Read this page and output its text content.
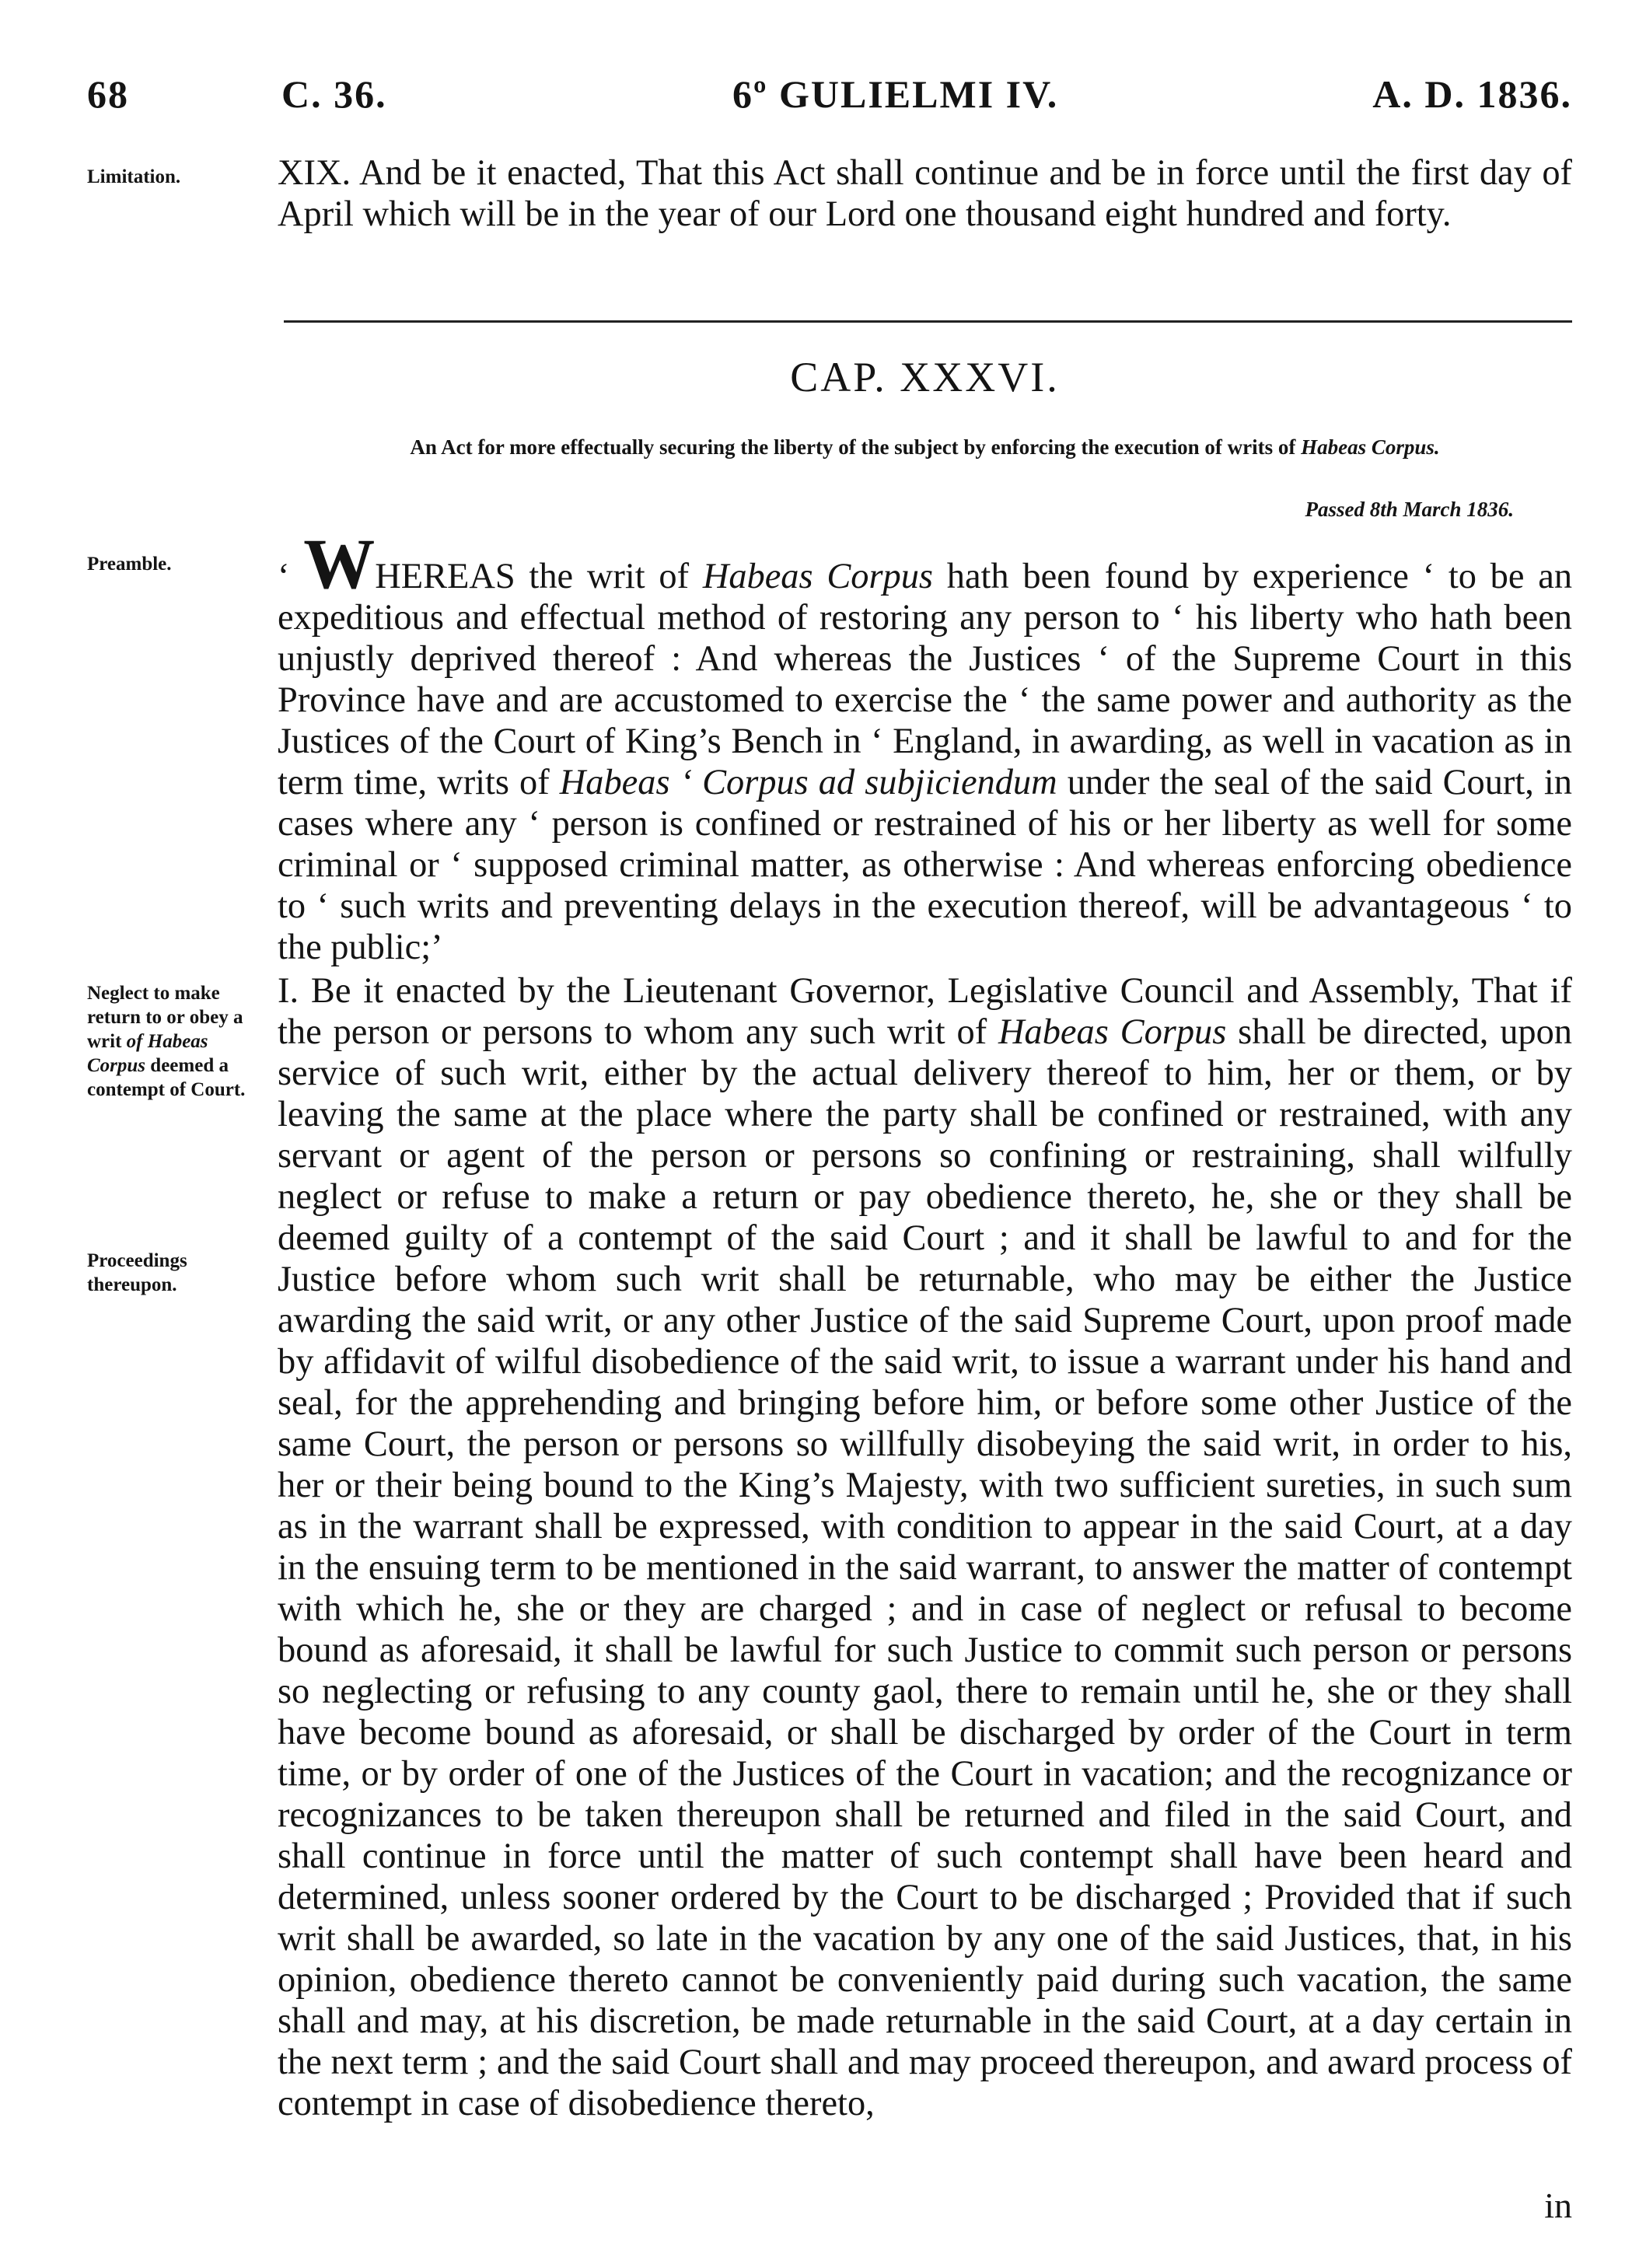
68	C. 36.	6º GULIELMI IV.	A. D. 1836.
Limitation.	XIX. And be it enacted, That this Act shall continue and be in force until the first day of April which will be in the year of our Lord one thousand eight hundred and forty.
CAP. XXXVI.
An Act for more effectually securing the liberty of the subject by enforcing the execution of writs of Habeas Corpus.
Passed 8th March 1836.
Preamble.	‘ WHEREAS the writ of Habeas Corpus hath been found by experience ‘ to be an expeditious and effectual method of restoring any person to ‘ his liberty who hath been unjustly deprived thereof : And whereas the Justices ‘ of the Supreme Court in this Province have and are accustomed to exercise the ‘ the same power and authority as the Justices of the Court of King’s Bench in ‘ England, in awarding, as well in vacation as in term time, writs of Habeas ‘ Corpus ad subjiciendum under the seal of the said Court, in cases where any ‘ person is confined or restrained of his or her liberty as well for some criminal or ‘ supposed criminal matter, as otherwise : And whereas enforcing obedience to ‘ such writs and preventing delays in the execution thereof, will be advantageous ‘ to the public;’
Neglect to make return to or obey a writ of Habeas Corpus deemed a contempt of Court.
Proceedings thereupon.
I. Be it enacted by the Lieutenant Governor, Legislative Council and Assembly, That if the person or persons to whom any such writ of Habeas Corpus shall be directed, upon service of such writ, either by the actual delivery thereof to him, her or them, or by leaving the same at the place where the party shall be confined or restrained, with any servant or agent of the person or persons so confining or restraining, shall wilfully neglect or refuse to make a return or pay obedience thereto, he, she or they shall be deemed guilty of a contempt of the said Court ; and it shall be lawful to and for the Justice before whom such writ shall be returnable, who may be either the Justice awarding the said writ, or any other Justice of the said Supreme Court, upon proof made by affidavit of wilful disobedience of the said writ, to issue a warrant under his hand and seal, for the apprehending and bringing before him, or before some other Justice of the same Court, the person or persons so willfully disobeying the said writ, in order to his, her or their being bound to the King’s Majesty, with two sufficient sureties, in such sum as in the warrant shall be expressed, with condition to appear in the said Court, at a day in the ensuing term to be mentioned in the said warrant, to answer the matter of contempt with which he, she or they are charged ; and in case of neglect or refusal to become bound as aforesaid, it shall be lawful for such Justice to commit such person or persons so neglecting or refusing to any county gaol, there to remain until he, she or they shall have become bound as aforesaid, or shall be discharged by order of the Court in term time, or by order of one of the Justices of the Court in vacation; and the recognizance or recognizances to be taken thereupon shall be returned and filed in the said Court, and shall continue in force until the matter of such contempt shall have been heard and determined, unless sooner ordered by the Court to be discharged ; Provided that if such writ shall be awarded, so late in the vacation by any one of the said Justices, that, in his opinion, obedience thereto cannot be conveniently paid during such vacation, the same shall and may, at his discretion, be made returnable in the said Court, at a day certain in the next term ; and the said Court shall and may proceed thereupon, and award process of contempt in case of disobedience thereto,
in
